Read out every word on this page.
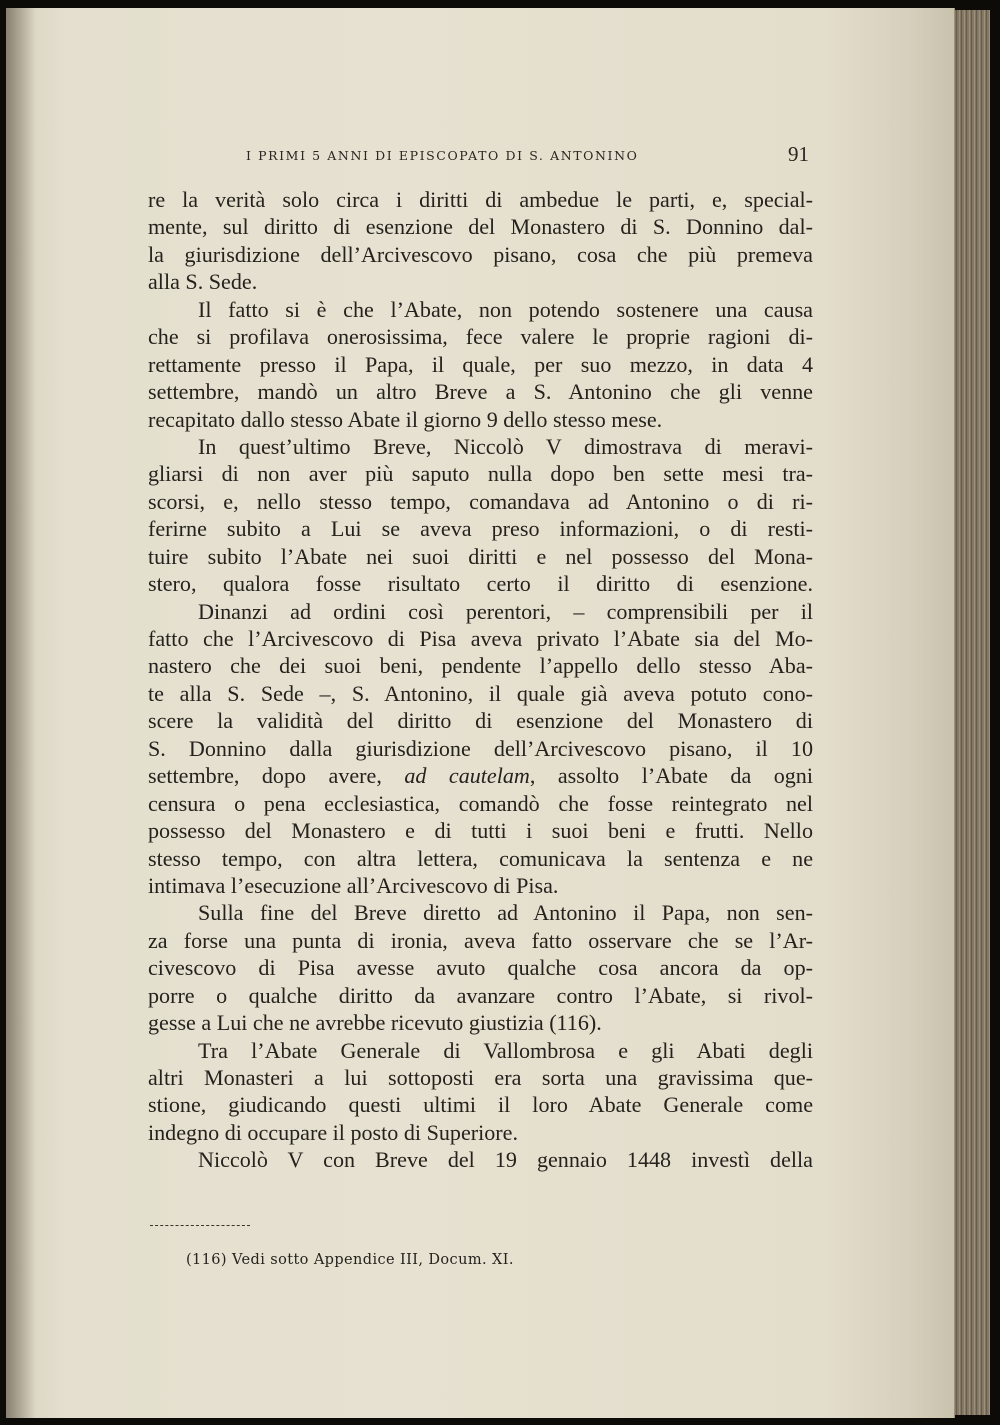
I PRIMI 5 ANNI DI EPISCOPATO DI S. ANTONINO	91
re la verità solo circa i diritti di ambedue le parti, e, special-
mente, sul diritto di esenzione del Monastero di S. Donnino dal-
la giurisdizione dell’Arcivescovo pisano, cosa che più premeva
alla S. Sede.
Il fatto si è che l’Abate, non potendo sostenere una causa
che si profilava onerosissima, fece valere le proprie ragioni di-
rettamente presso il Papa, il quale, per suo mezzo, in data 4
settembre, mandò un altro Breve a S. Antonino che gli venne
recapitato dallo stesso Abate il giorno 9 dello stesso mese.
In quest’ultimo Breve, Niccolò V dimostrava di meravi-
gliarsi di non aver più saputo nulla dopo ben sette mesi tra-
scorsi, e, nello stesso tempo, comandava ad Antonino o di ri-
ferirne subito a Lui se aveva preso informazioni, o di resti-
tuire subito l’Abate nei suoi diritti e nel possesso del Mona-
stero, qualora fosse risultato certo il diritto di esenzione.
Dinanzi ad ordini così perentori, – comprensibili per il
fatto che l’Arcivescovo di Pisa aveva privato l’Abate sia del Mo-
nastero che dei suoi beni, pendente l’appello dello stesso Aba-
te alla S. Sede –, S. Antonino, il quale già aveva potuto cono-
scere la validità del diritto di esenzione del Monastero di
S. Donnino dalla giurisdizione dell’Arcivescovo pisano, il 10
settembre, dopo avere, ad cautelam, assolto l’Abate da ogni
censura o pena ecclesiastica, comandò che fosse reintegrato nel
possesso del Monastero e di tutti i suoi beni e frutti. Nello
stesso tempo, con altra lettera, comunicava la sentenza e ne
intimava l’esecuzione all’Arcivescovo di Pisa.
Sulla fine del Breve diretto ad Antonino il Papa, non sen-
za forse una punta di ironia, aveva fatto osservare che se l’Ar-
civescovo di Pisa avesse avuto qualche cosa ancora da op-
porre o qualche diritto da avanzare contro l’Abate, si rivol-
gesse a Lui che ne avrebbe ricevuto giustizia (116).
Tra l’Abate Generale di Vallombrosa e gli Abati degli
altri Monasteri a lui sottoposti era sorta una gravissima que-
stione, giudicando questi ultimi il loro Abate Generale come
indegno di occupare il posto di Superiore.
Niccolò V con Breve del 19 gennaio 1448 investì della
(116) Vedi sotto Appendice III, Docum. XI.
